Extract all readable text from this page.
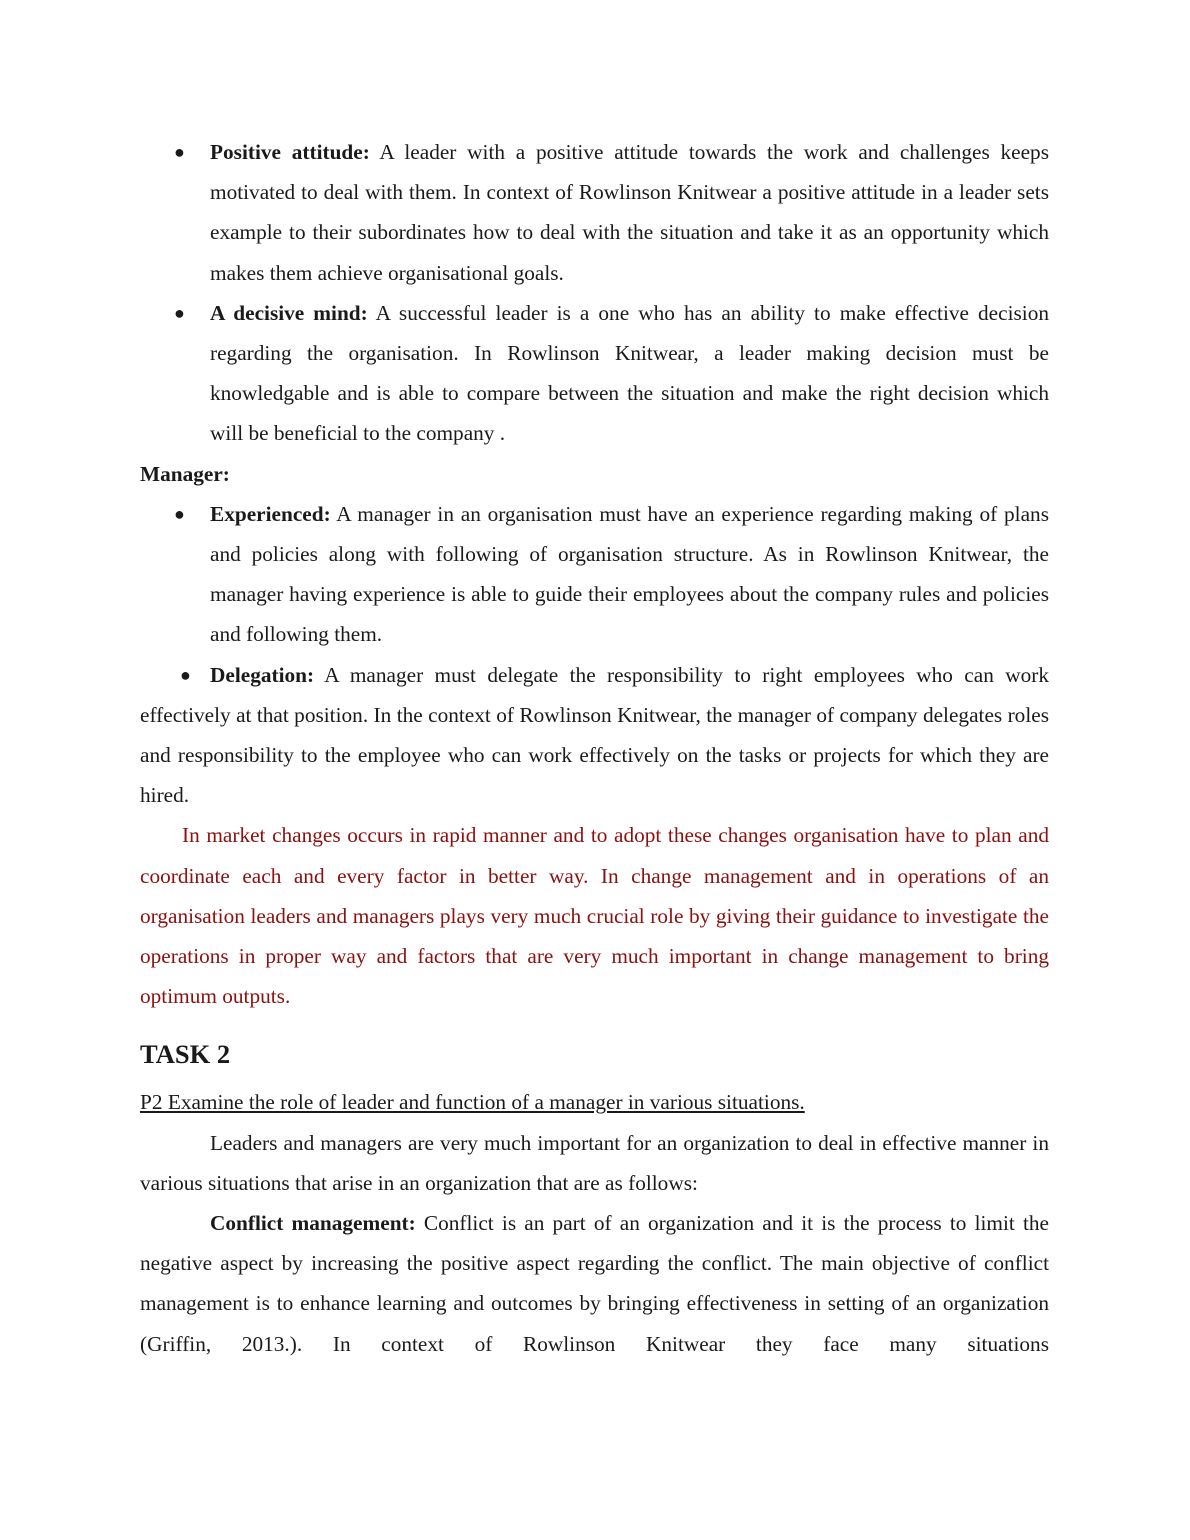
● Positive attitude: A leader with a positive attitude towards the work and challenges keeps motivated to deal with them. In context of Rowlinson Knitwear a positive attitude in a leader sets example to their subordinates how to deal with the situation and take it as an opportunity which makes them achieve organisational goals.
● A decisive mind: A successful leader is a one who has an ability to make effective decision regarding the organisation. In Rowlinson Knitwear, a leader making decision must be knowledgable and is able to compare between the situation and make the right decision which will be beneficial to the company .

Manager:

● Experienced: A manager in an organisation must have an experience regarding making of plans and policies along with following of organisation structure. As in Rowlinson Knitwear, the manager having experience is able to guide their employees about the company rules and policies and following them.

● Delegation: A manager must delegate the responsibility to right employees who can work effectively at that position. In the context of Rowlinson Knitwear, the manager of company delegates roles and responsibility to the employee who can work effectively on the tasks or projects for which they are hired.

In market changes occurs in rapid manner and to adopt these changes organisation have to plan and coordinate each and every factor in better way. In change management and in operations of an organisation leaders and managers plays very much crucial role by giving their guidance to investigate the operations in proper way and factors that are very much important in change management to bring optimum outputs.

TASK 2

P2 Examine the role of leader and function of a manager in various situations.

Leaders and managers are very much important for an organization to deal in effective manner in various situations that arise in an organization that are as follows:

Conflict management: Conflict is an part of an organization and it is the process to limit the negative aspect by increasing the positive aspect regarding the conflict. The main objective of conflict management is to enhance learning and outcomes by bringing effectiveness in setting of an organization (Griffin, 2013.). In context of Rowlinson Knitwear they face many situations
